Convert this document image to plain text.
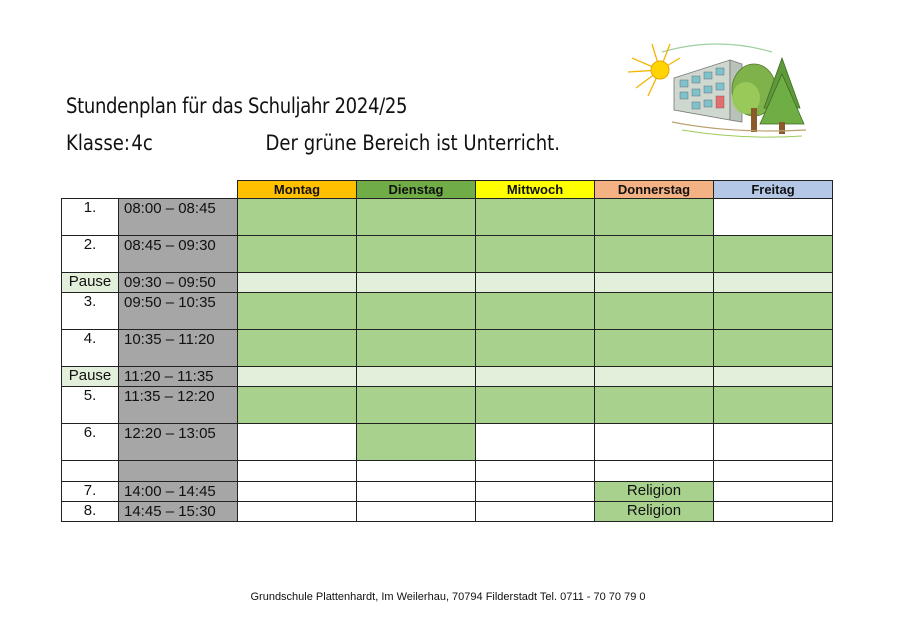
Stundenplan für das Schuljahr 2024/25
Klasse:4c	Der grüne Bereich ist Unterricht.
		Montag	Dienstag	Mittwoch	Donnerstag	Freitag
1.	08:00 – 08:45					
2.	08:45 – 09:30					
Pause	09:30 – 09:50					
3.	09:50 – 10:35					
4.	10:35 – 11:20					
Pause	11:20 – 11:35					
5.	11:35 – 12:20					
6.	12:20 – 13:05					

7.	14:00 – 14:45				Religion	
8.	14:45 – 15:30				Religion	
Grundschule Plattenhardt, Im Weilerhau, 70794 Filderstadt Tel. 0711 - 70 70 79 0
